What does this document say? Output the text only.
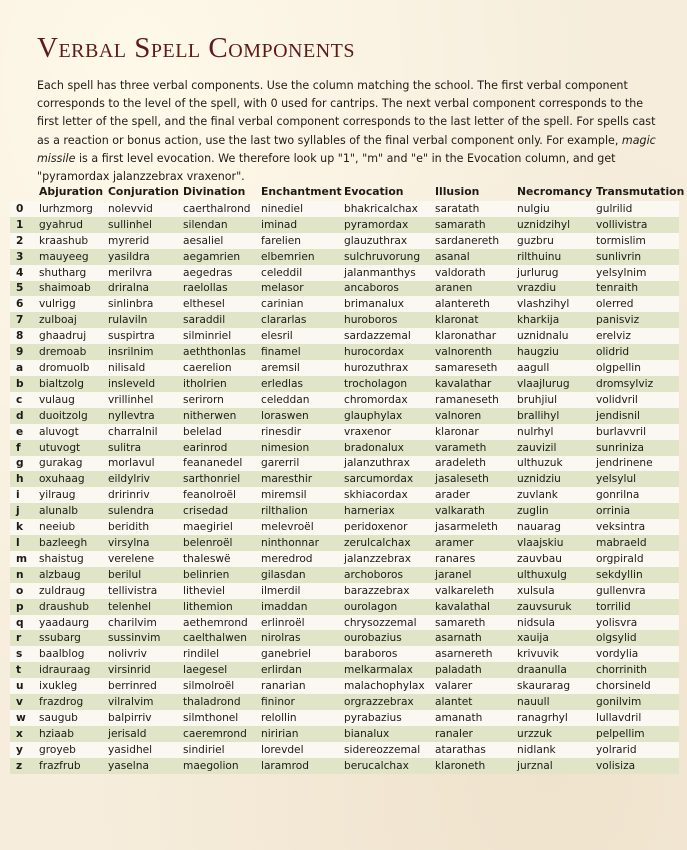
Verbal Spell Components
Each spell has three verbal components. Use the column matching the school. The first verbal component corresponds to the level of the spell, with 0 used for cantrips. The next verbal component corresponds to the first letter of the spell, and the final verbal component corresponds to the last letter of the spell. For spells cast as a reaction or bonus action, use the last two syllables of the final verbal component only. For example, magic missile is a first level evocation. We therefore look up "1", "m" and "e" in the Evocation column, and get "pyramordax jalanzzebrax vraxenor".
	Abjuration	Conjuration	Divination	Enchantment	Evocation	Illusion	Necromancy	Transmutation
0	lurhzmorg	nolevvid	caerthalrond	ninediel	bhakricalchax	saratath	nulgiu	gulrilid
1	gyahrud	sullinhel	silendan	iminad	pyramordax	samarath	uznidzihyl	vollivistra
2	kraashub	myrerid	aesaliel	farelien	glauzuthrax	sardanereth	guzbru	tormislim
3	mauyeeg	yasildra	aegamrien	elbemrien	sulchruvorung	asanal	rilthuinu	sunlivrin
4	shutharg	merilvra	aegedras	celeddil	jalanmanthys	valdorath	jurlurug	yelsylnim
5	shaimoab	driralna	raelollas	melasor	ancaboros	aranen	vrazdiu	tenraith
6	vulrigg	sinlinbra	elthesel	carinian	brimanalux	alantereth	vlashzihyl	olerred
7	zulboaj	rulaviln	saraddil	clararlas	huroboros	klaronat	kharkija	panisviz
8	ghaadruj	suspirtra	silminriel	elesril	sardazzemal	klaronathar	uznidnalu	erelviz
9	dremoab	insrilnim	aeththonlas	finamel	hurocordax	valnorenth	haugziu	olidrid
a	dromuolb	nilisald	caerelion	aremsil	hurozuthrax	samareseth	aagull	olgpellin
b	bialtzolg	insleveld	itholrien	erledlas	trocholagon	kavalathar	vlaajlurug	dromsylviz
c	vulaug	vrillinhel	serirorn	celeddan	chromordax	ramaneseth	bruhjiul	volidvril
d	duoitzolg	nyllevtra	nitherwen	loraswen	glauphylax	valnoren	brallihyl	jendisnil
e	aluvogt	charralnil	belelad	rinesdir	vraxenor	klaronar	nulrhyl	burlavvril
f	utuvogt	sulitra	earinrod	nimesion	bradonalux	varameth	zauvizil	sunriniza
g	gurakag	morlavul	feananedel	garerril	jalanzuthrax	aradeleth	ulthuzuk	jendrinene
h	oxuhaag	eildylriv	sarthonriel	maresthir	sarcumordax	jasaleseth	uznidziu	yelsylul
i	yilraug	dririnriv	feanolroël	miremsil	skhiacordax	arader	zuvlank	gonrilna
j	alunalb	sulendra	crisedad	rilthalion	harneriax	valkarath	zuglin	orrinia
k	neeiub	beridith	maegiriel	melevroël	peridoxenor	jasarmeleth	nauarag	veksintra
l	bazleegh	virsylna	belenroël	ninthonnar	zerulcalchax	aramer	vlaajskiu	mabraeld
m	shaistug	verelene	thaleswë	meredrod	jalanzzebrax	ranares	zauvbau	orgpirald
n	alzbaug	berilul	belinrien	gilasdan	archoboros	jaranel	ulthuxulg	sekdyllin
o	zuldraug	tellivistra	litheviel	ilmerdil	barazzebrax	valkareleth	xulsula	gullenvra
p	draushub	telenhel	lithemion	imaddan	ourolagon	kavalathal	zauvsuruk	torrilid
q	yaadaurg	charilvim	aethemrond	erlinroël	chrysozzemal	samareth	nidsula	yolisvra
r	ssubarg	sussinvim	caelthalwen	nirolras	ourobazius	asarnath	xauija	olgsylid
s	baalblog	nolivriv	rindilel	ganebriel	baraboros	asarnereth	krivuvik	vordylia
t	idrauraag	virsinrid	laegesel	erlirdan	melkarmalax	paladath	draanulla	chorrinith
u	ixukleg	berrinred	silmolroël	ranarian	malachophylax	valarer	skaurarag	chorsineld
v	frazdrog	vilralvim	thaladrond	fininor	orgrazzebrax	alantet	nauull	gonilvim
w	saugub	balpirriv	silmthonel	relollin	pyrabazius	amanath	ranagrhyl	lullavdril
x	hziaab	jerisald	caeremrond	niririan	bianalux	ranaler	urzzuk	pelpellim
y	groyeb	yasidhel	sindiriel	lorevdel	sidereozzemal	atarathas	nidlank	yolrarid
z	frazfrub	yaselna	maegolion	laramrod	berucalchax	klaroneth	jurznal	volisiza
